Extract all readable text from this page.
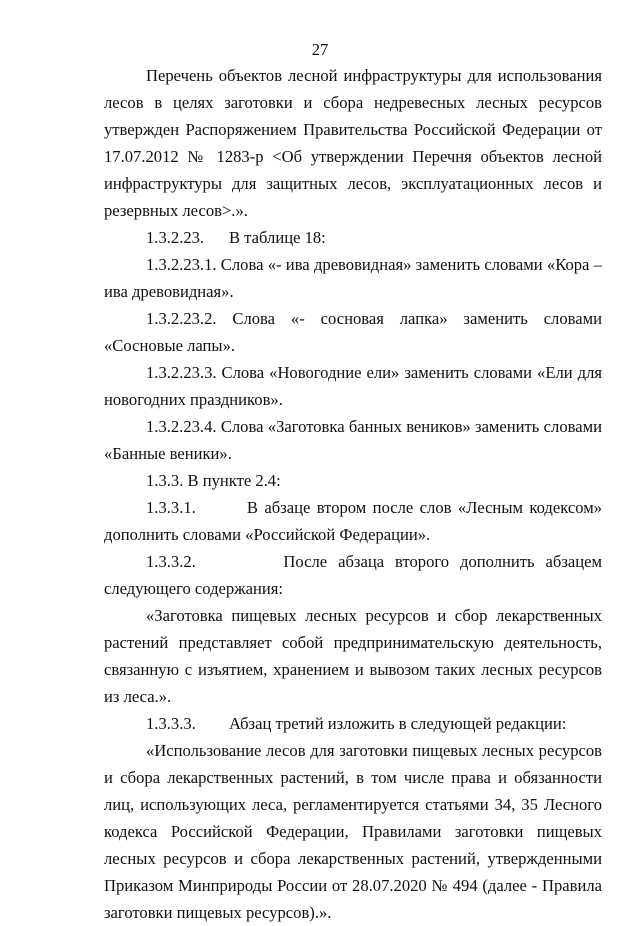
27

Перечень объектов лесной инфраструктуры для использования лесов в целях заготовки и сбора недревесных лесных ресурсов утвержден Распоряжением Правительства Российской Федерации от 17.07.2012 № 1283-р <Об утверждении Перечня объектов лесной инфраструктуры для защитных лесов, эксплуатационных лесов и резервных лесов>.».

1.3.2.23.      В таблице 18:

1.3.2.23.1. Слова «- ива древовидная» заменить словами «Кора – ива древовидная».

1.3.2.23.2. Слова «- сосновая лапка» заменить словами «Сосновые лапы».

1.3.2.23.3. Слова «Новогодние ели» заменить словами «Ели для новогодних праздников».

1.3.2.23.4. Слова «Заготовка банных веников» заменить словами «Банные веники».

1.3.3. В пункте 2.4:

1.3.3.1.        В абзаце втором после слов «Лесным кодексом» дополнить словами «Российской Федерации».

1.3.3.2.        После абзаца второго дополнить абзацем следующего содержания:

«Заготовка пищевых лесных ресурсов и сбор лекарственных растений представляет собой предпринимательскую деятельность, связанную с изъятием, хранением и вывозом таких лесных ресурсов из леса.».

1.3.3.3.        Абзац третий изложить в следующей редакции:

«Использование лесов для заготовки пищевых лесных ресурсов и сбора лекарственных растений, в том числе права и обязанности лиц, использующих леса, регламентируется статьями 34, 35 Лесного кодекса Российской Федерации, Правилами заготовки пищевых лесных ресурсов и сбора лекарственных растений, утвержденными Приказом Минприроды России от 28.07.2020 № 494 (далее - Правила заготовки пищевых ресурсов).».
